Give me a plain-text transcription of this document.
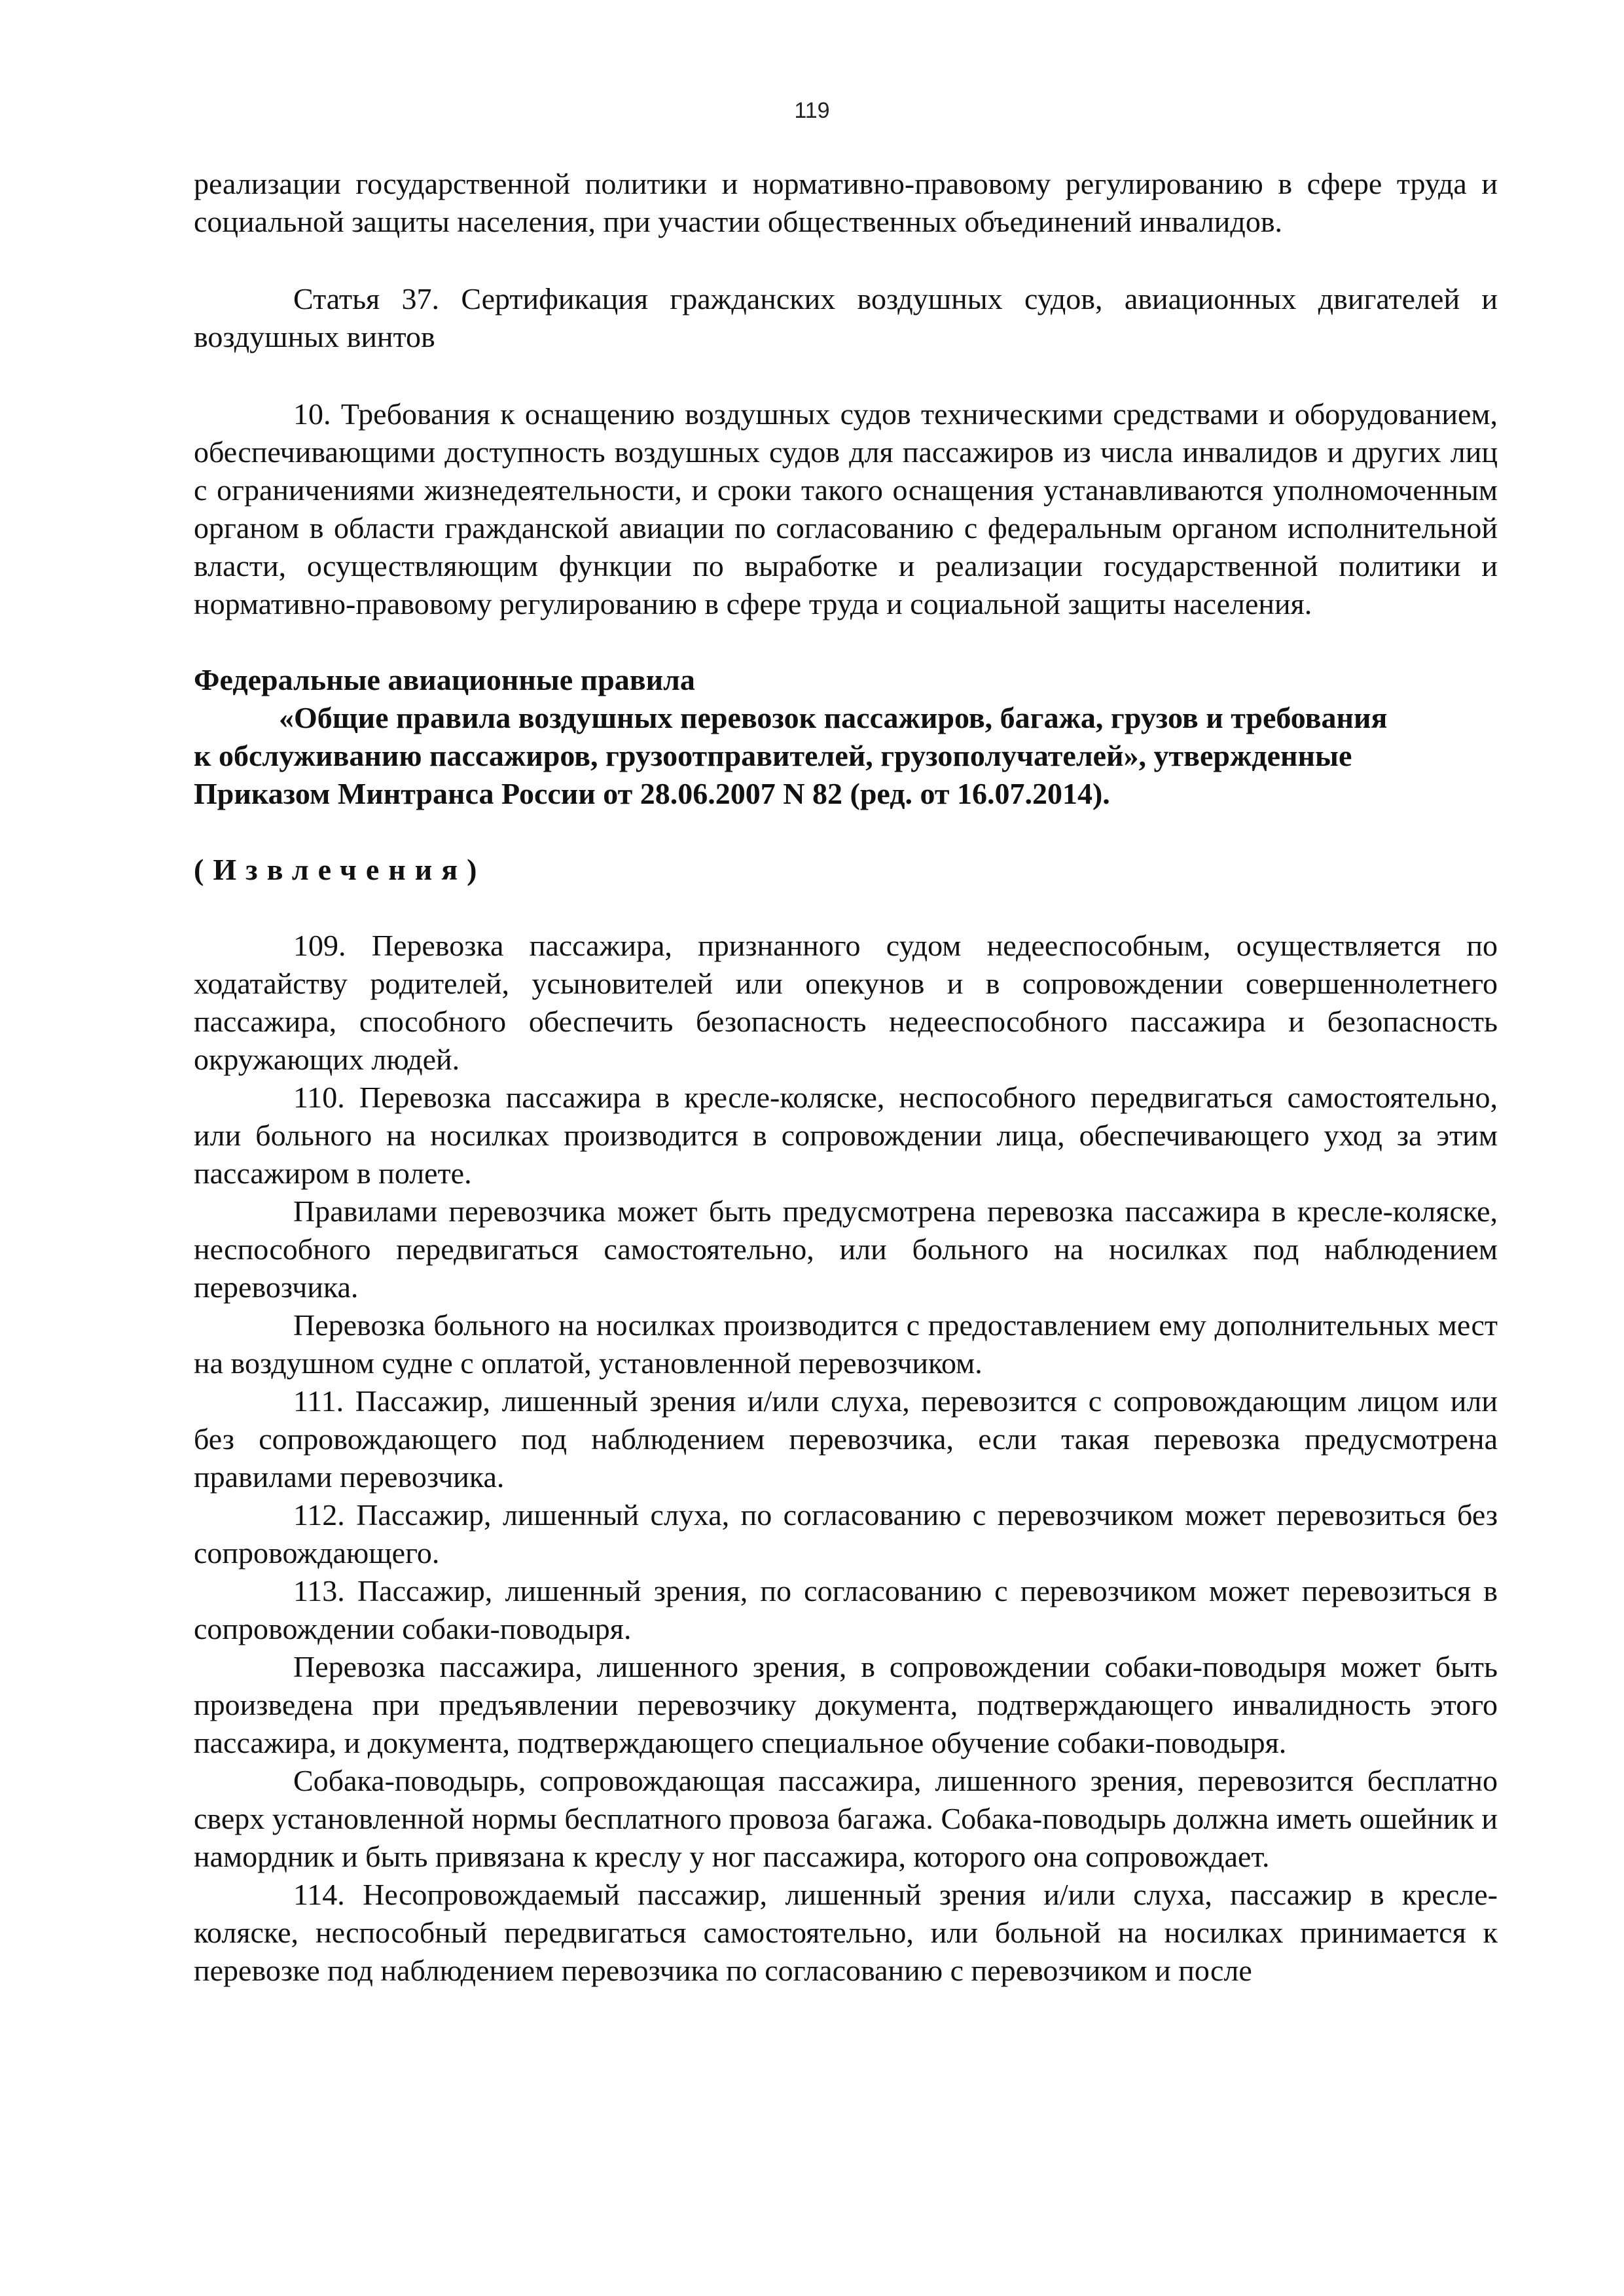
119

реализации государственной политики и нормативно-правовому регулированию в сфере труда и социальной защиты населения, при участии общественных объединений инвалидов.

Статья 37. Сертификация гражданских воздушных судов, авиационных двигателей и воздушных винтов

10. Требования к оснащению воздушных судов техническими средствами и оборудованием, обеспечивающими доступность воздушных судов для пассажиров из числа инвалидов и других лиц с ограничениями жизнедеятельности, и сроки такого оснащения устанавливаются уполномоченным органом в области гражданской авиации по согласованию с федеральным органом исполнительной власти, осуществляющим функции по выработке и реализации государственной политики и нормативно-правовому регулированию в сфере труда и социальной защиты населения.

Федеральные авиационные правила

«Общие правила воздушных перевозок пассажиров, багажа, грузов и требования

к обслуживанию пассажиров, грузоотправителей, грузополучателей», утвержденные

Приказом Минтранса России от 28.06.2007 N 82 (ред. от 16.07.2014).

(Извлечения)

109. Перевозка пассажира, признанного судом недееспособным, осуществляется по ходатайству родителей, усыновителей или опекунов и в сопровождении совершеннолетнего пассажира, способного обеспечить безопасность недееспособного пассажира и безопасность окружающих людей.

110. Перевозка пассажира в кресле-коляске, неспособного передвигаться самостоятельно, или больного на носилках производится в сопровождении лица, обеспечивающего уход за этим пассажиром в полете.

Правилами перевозчика может быть предусмотрена перевозка пассажира в кресле-коляске, неспособного передвигаться самостоятельно, или больного на носилках под наблюдением перевозчика.

Перевозка больного на носилках производится с предоставлением ему дополнительных мест на воздушном судне с оплатой, установленной перевозчиком.

111. Пассажир, лишенный зрения и/или слуха, перевозится с сопровождающим лицом или без сопровождающего под наблюдением перевозчика, если такая перевозка предусмотрена правилами перевозчика.

112. Пассажир, лишенный слуха, по согласованию с перевозчиком может перевозиться без сопровождающего.

113. Пассажир, лишенный зрения, по согласованию с перевозчиком может перевозиться в сопровождении собаки-поводыря.

Перевозка пассажира, лишенного зрения, в сопровождении собаки-поводыря может быть произведена при предъявлении перевозчику документа, подтверждающего инвалидность этого пассажира, и документа, подтверждающего специальное обучение собаки-поводыря.

Собака-поводырь, сопровождающая пассажира, лишенного зрения, перевозится бесплатно сверх установленной нормы бесплатного провоза багажа. Собака-поводырь должна иметь ошейник и намордник и быть привязана к креслу у ног пассажира, которого она сопровождает.

114. Несопровождаемый пассажир, лишенный зрения и/или слуха, пассажир в кресле-коляске, неспособный передвигаться самостоятельно, или больной на носилках принимается к перевозке под наблюдением перевозчика по согласованию с перевозчиком и после
